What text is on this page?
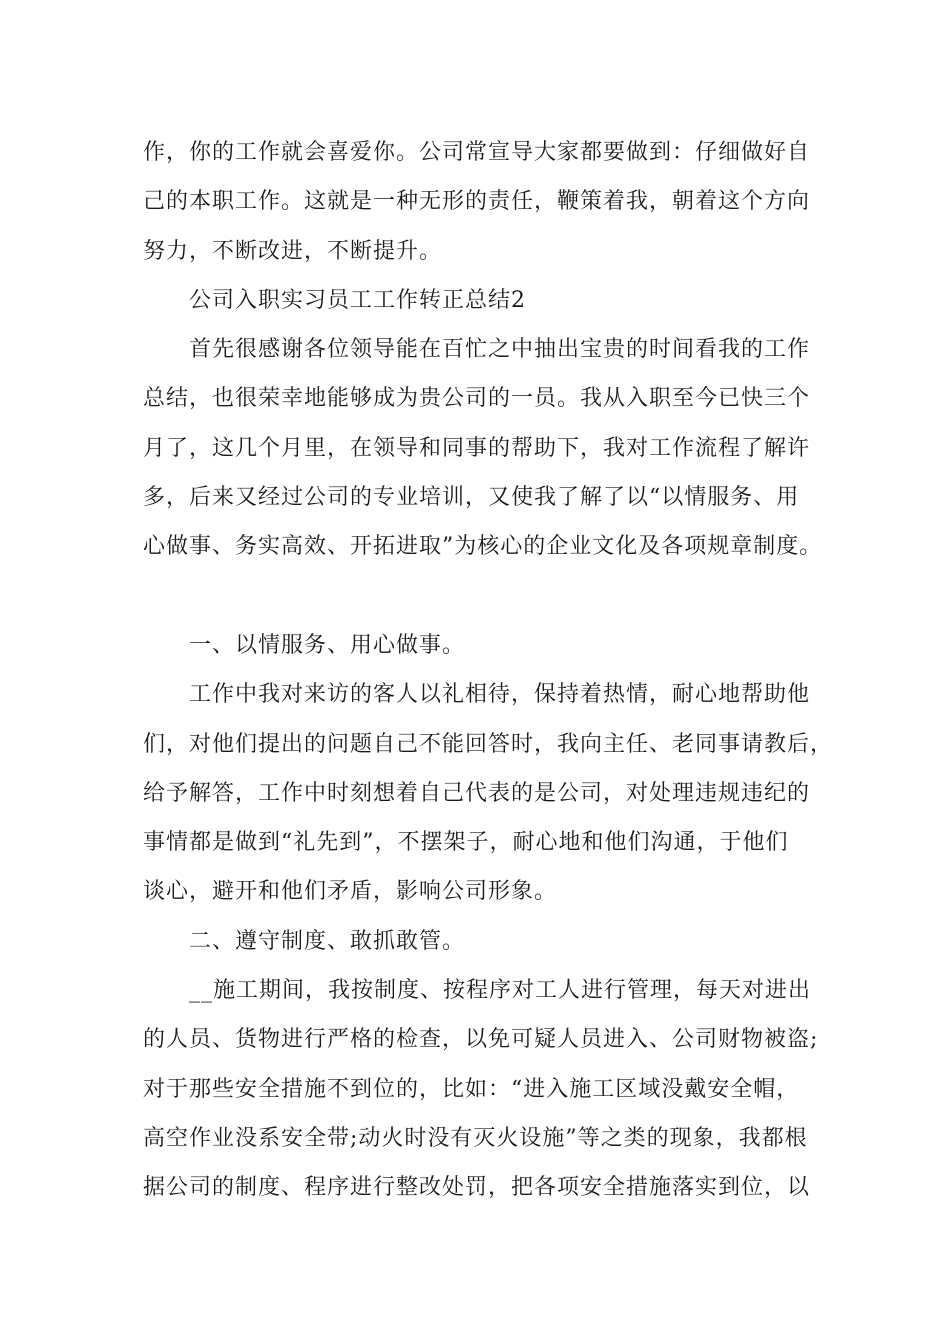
作，你的工作就会喜爱你。公司常宣导大家都要做到：仔细做好自
己的本职工作。这就是一种无形的责任，鞭策着我，朝着这个方向
努力，不断改进，不断提升。
公司入职实习员工工作转正总结2
首先很感谢各位领导能在百忙之中抽出宝贵的时间看我的工作
总结，也很荣幸地能够成为贵公司的一员。我从入职至今已快三个
月了，这几个月里，在领导和同事的帮助下，我对工作流程了解许
多，后来又经过公司的专业培训，又使我了解了以“以情服务、用
心做事、务实高效、开拓进取”为核心的企业文化及各项规章制度。
一、以情服务、用心做事。
工作中我对来访的客人以礼相待，保持着热情，耐心地帮助他
们，对他们提出的问题自己不能回答时，我向主任、老同事请教后，
给予解答，工作中时刻想着自己代表的是公司，对处理违规违纪的
事情都是做到“礼先到”，不摆架子，耐心地和他们沟通，于他们
谈心，避开和他们矛盾，影响公司形象。
二、遵守制度、敢抓敢管。
__施工期间，我按制度、按程序对工人进行管理，每天对进出
的人员、货物进行严格的检查，以免可疑人员进入、公司财物被盗;
对于那些安全措施不到位的，比如：“进入施工区域没戴安全帽，
高空作业没系安全带;动火时没有灭火设施”等之类的现象，我都根
据公司的制度、程序进行整改处罚，把各项安全措施落实到位，以
